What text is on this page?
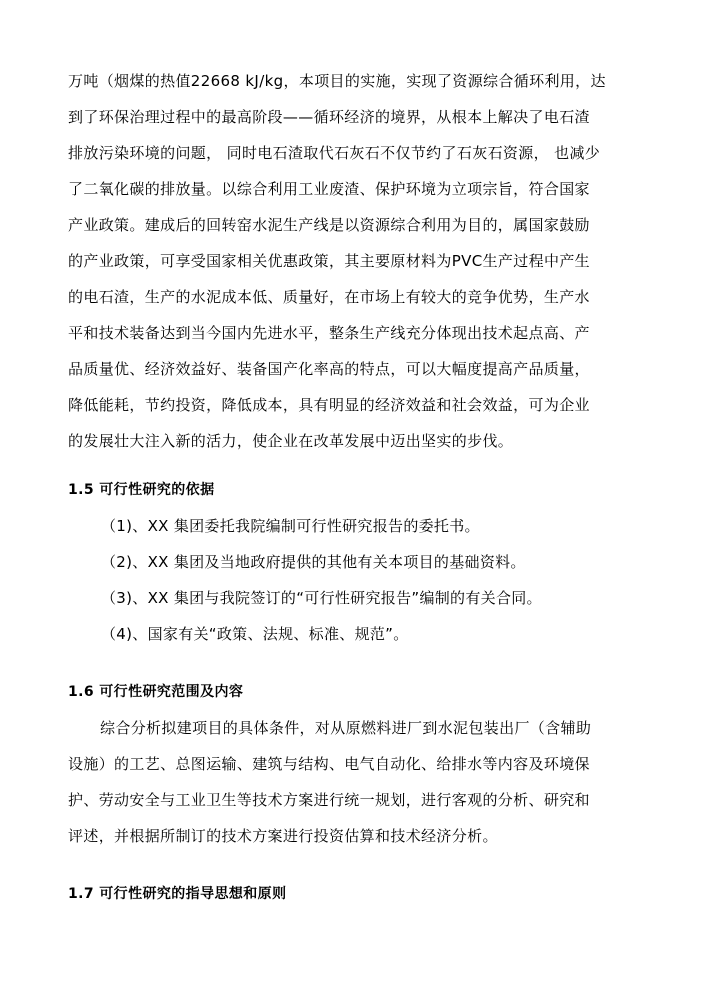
万吨（烟煤的热值22668 kJ/kg，本项目的实施，实现了资源综合循环利用，达
到了环保治理过程中的最高阶段——循环经济的境界，从根本上解决了电石渣
排放污染环境的问题， 同时电石渣取代石灰石不仅节约了石灰石资源， 也减少
了二氧化碳的排放量。以综合利用工业废渣、保护环境为立项宗旨，符合国家
产业政策。建成后的回转窑水泥生产线是以资源综合利用为目的，属国家鼓励
的产业政策，可享受国家相关优惠政策，其主要原材料为PVC生产过程中产生
的电石渣，生产的水泥成本低、质量好，在市场上有较大的竞争优势，生产水
平和技术装备达到当今国内先进水平，整条生产线充分体现出技术起点高、产
品质量优、经济效益好、装备国产化率高的特点，可以大幅度提高产品质量，
降低能耗，节约投资，降低成本，具有明显的经济效益和社会效益，可为企业
的发展壮大注入新的活力，使企业在改革发展中迈出坚实的步伐。
1.5 可行性研究的依据
（1)、XX 集团委托我院编制可行性研究报告的委托书。
（2)、XX 集团及当地政府提供的其他有关本项目的基础资料。
（3)、XX 集团与我院签订的“可行性研究报告”编制的有关合同。
（4)、国家有关“政策、法规、标准、规范”。
1.6 可行性研究范围及内容
综合分析拟建项目的具体条件，对从原燃料进厂到水泥包装出厂（含辅助
设施）的工艺、总图运输、建筑与结构、电气自动化、给排水等内容及环境保
护、劳动安全与工业卫生等技术方案进行统一规划，进行客观的分析、研究和
评述，并根据所制订的技术方案进行投资估算和技术经济分析。
1.7 可行性研究的指导思想和原则
